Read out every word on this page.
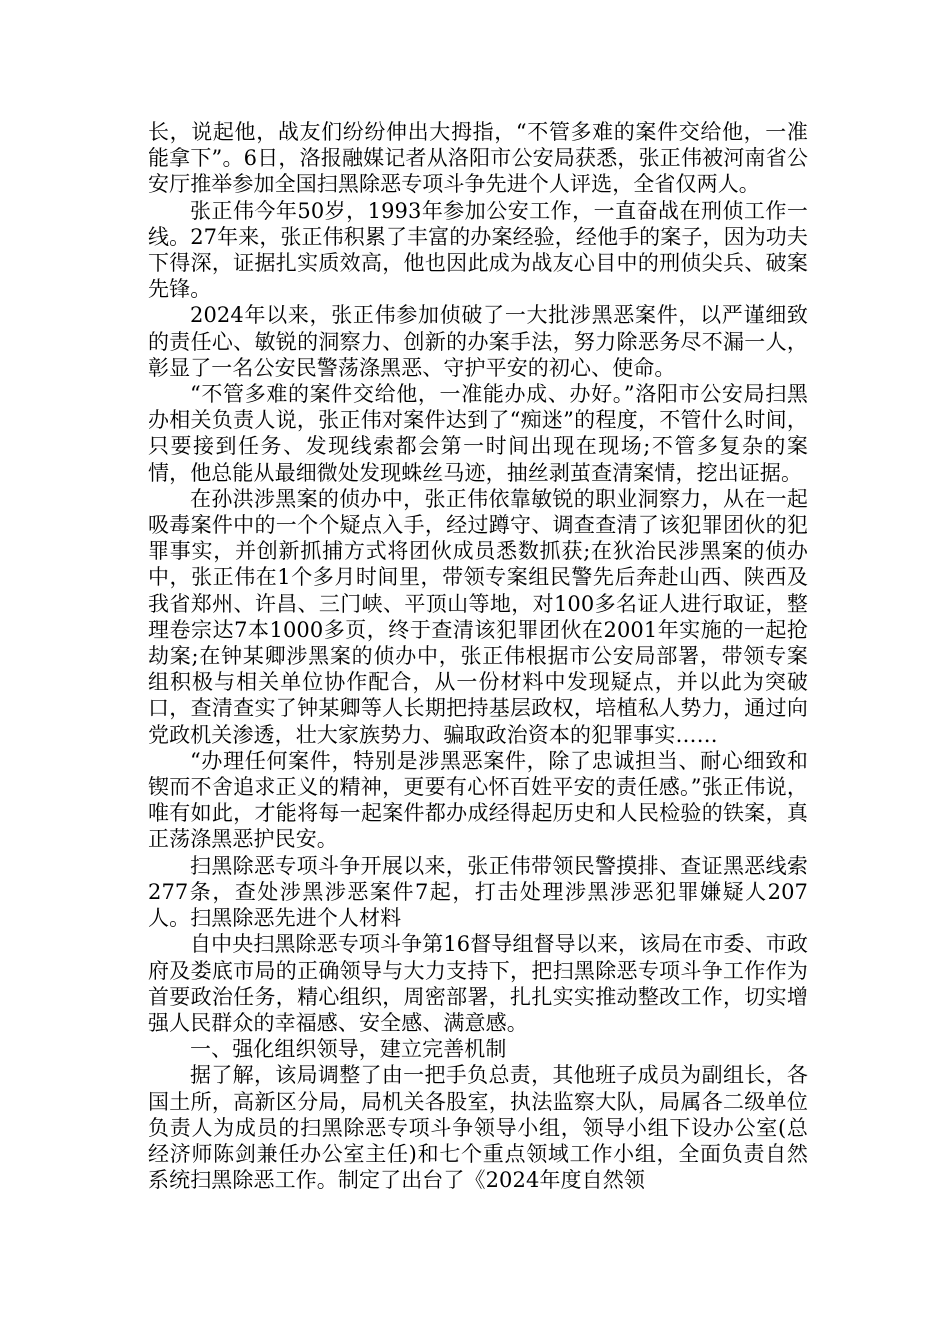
长，说起他，战友们纷纷伸出大拇指，“不管多难的案件交给他，一准能拿下”。6日，洛报融媒记者从洛阳市公安局获悉，张正伟被河南省公安厅推举参加全国扫黑除恶专项斗争先进个人评选，全省仅两人。

张正伟今年50岁，1993年参加公安工作，一直奋战在刑侦工作一线。27年来，张正伟积累了丰富的办案经验，经他手的案子，因为功夫下得深，证据扎实质效高，他也因此成为战友心目中的刑侦尖兵、破案先锋。

2024年以来，张正伟参加侦破了一大批涉黑恶案件，以严谨细致的责任心、敏锐的洞察力、创新的办案手法，努力除恶务尽不漏一人，彰显了一名公安民警荡涤黑恶、守护平安的初心、使命。

“不管多难的案件交给他，一准能办成、办好。”洛阳市公安局扫黑办相关负责人说，张正伟对案件达到了“痴迷”的程度，不管什么时间，只要接到任务、发现线索都会第一时间出现在现场;不管多复杂的案情，他总能从最细微处发现蛛丝马迹，抽丝剥茧查清案情，挖出证据。

在孙洪涉黑案的侦办中，张正伟依靠敏锐的职业洞察力，从在一起吸毒案件中的一个个疑点入手，经过蹲守、调查查清了该犯罪团伙的犯罪事实，并创新抓捕方式将团伙成员悉数抓获;在狄治民涉黑案的侦办中，张正伟在1个多月时间里，带领专案组民警先后奔赴山西、陕西及我省郑州、许昌、三门峡、平顶山等地，对100多名证人进行取证，整理卷宗达7本1000多页，终于查清该犯罪团伙在2001年实施的一起抢劫案;在钟某卿涉黑案的侦办中，张正伟根据市公安局部署，带领专案组积极与相关单位协作配合，从一份材料中发现疑点，并以此为突破口，查清查实了钟某卿等人长期把持基层政权，培植私人势力，通过向党政机关渗透，壮大家族势力、骗取政治资本的犯罪事实……

“办理任何案件，特别是涉黑恶案件，除了忠诚担当、耐心细致和锲而不舍追求正义的精神，更要有心怀百姓平安的责任感。”张正伟说，唯有如此，才能将每一起案件都办成经得起历史和人民检验的铁案，真正荡涤黑恶护民安。

扫黑除恶专项斗争开展以来，张正伟带领民警摸排、查证黑恶线索277条，查处涉黑涉恶案件7起，打击处理涉黑涉恶犯罪嫌疑人207人。扫黑除恶先进个人材料

自中央扫黑除恶专项斗争第16督导组督导以来，该局在市委、市政府及娄底市局的正确领导与大力支持下，把扫黑除恶专项斗争工作作为首要政治任务，精心组织，周密部署，扎扎实实推动整改工作，切实增强人民群众的幸福感、安全感、满意感。

一、强化组织领导，建立完善机制

据了解，该局调整了由一把手负总责，其他班子成员为副组长，各国土所，高新区分局，局机关各股室，执法监察大队，局属各二级单位负责人为成员的扫黑除恶专项斗争领导小组，领导小组下设办公室(总经济师陈剑兼任办公室主任)和七个重点领域工作小组，全面负责自然系统扫黑除恶工作。制定了出台了《2024年度自然领
